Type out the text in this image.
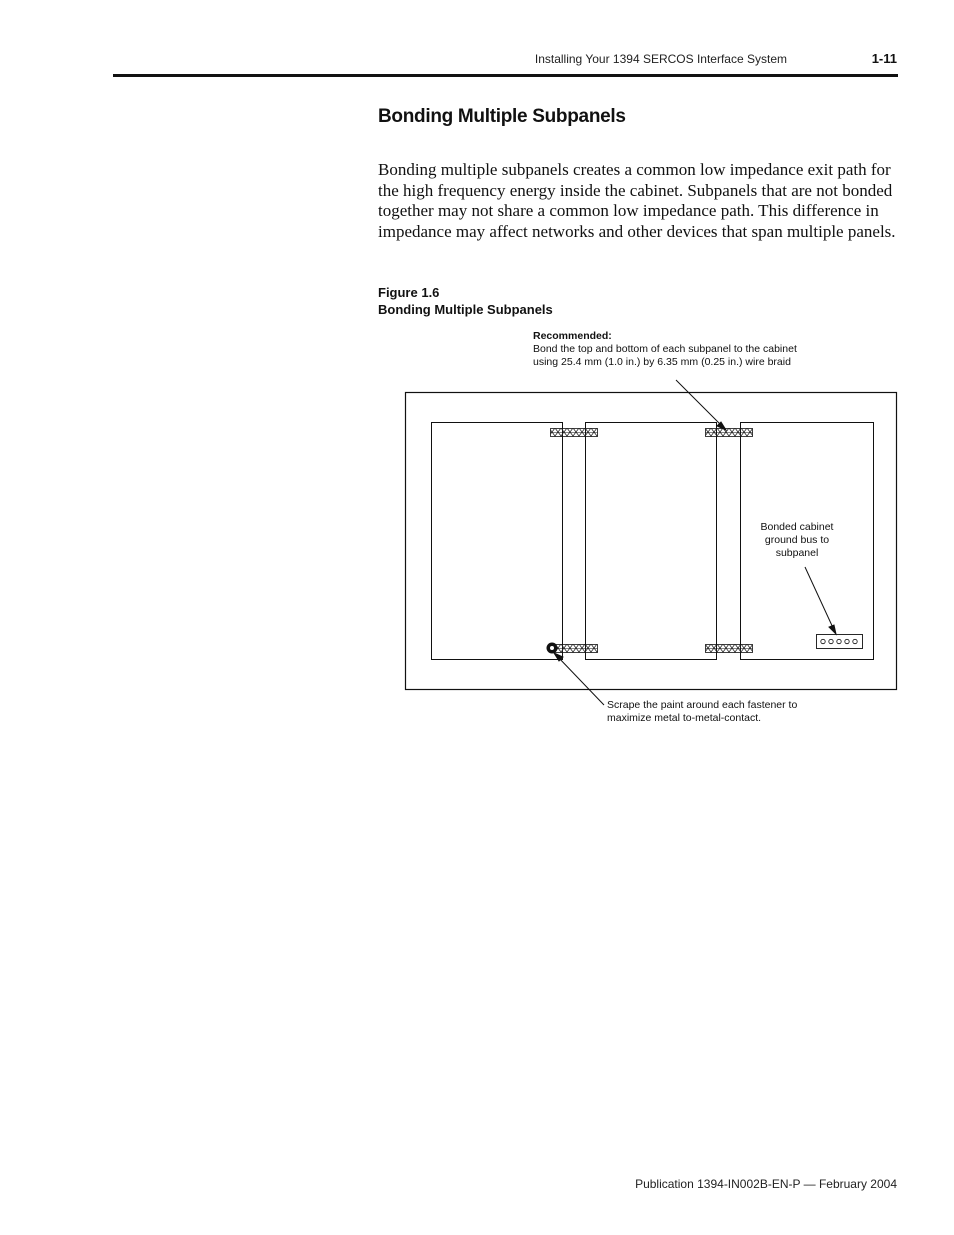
Installing Your 1394 SERCOS Interface System	1-11
Bonding Multiple Subpanels

Bonding multiple subpanels creates a common low impedance exit path for the high frequency energy inside the cabinet. Subpanels that are not bonded together may not share a common low impedance path. This difference in impedance may affect networks and other devices that span multiple panels.

Figure 1.6
Bonding Multiple Subpanels
Recommended:
Bond the top and bottom of each subpanel to the cabinet
using 25.4 mm (1.0 in.) by 6.35 mm (0.25 in.) wire braid
Bonded cabinet ground bus to subpanel
Scrape the paint around each fastener to
maximize metal to-metal-contact.
Publication 1394-IN002B-EN-P — February 2004
